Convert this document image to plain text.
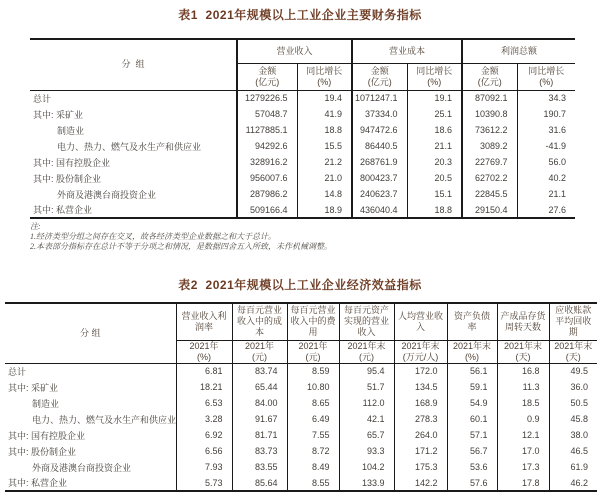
表1  2021年规模以上工业企业主要财务指标
分  组	营业收入		营业成本		利润总额	

金额
(亿元)

同比增长
(%)

金额
(亿元)

同比增长
(%)

金额
(亿元)

同比增长
(%)

总计	1279226.5	19.4	1071247.1	19.1	87092.1	34.3
其中: 采矿业	57048.7	41.9	37334.0	25.1	10390.8	190.7
制造业	1127885.1	18.8	947472.6	18.6	73612.2	31.6
电力、热力、燃气及水生产和供应业	94292.6	15.5	86440.5	21.1	3089.2	-41.9
其中: 国有控股企业	328916.2	21.2	268761.9	20.3	22769.7	56.0
其中: 股份制企业	956007.6	21.0	800423.7	20.5	62702.2	40.2
外商及港澳台商投资企业	287986.2	14.8	240623.7	15.1	22845.5	21.1
其中: 私营企业	509166.4	18.9	436040.4	18.8	29150.4	27.6
注:
1.经济类型分组之间存在交叉，故各经济类型企业数据之和大于总计。
2.本表部分指标存在总计不等于分项之和情况，是数据四舍五入所致，未作机械调整。
表2  2021年规模以上工业企业经济效益指标
分 组	营业收入利润率	每百元营业收入中的成本	每百元营业收入中的费用	每百元资产实现的营业收入	人均营业收入	资产负债率	产成品存货周转天数	应收账款平均回收期

2021年
(%)

2021年
(元)

2021年
(元)

2021年末
(元)

2021年末
(万元/人)

2021年末
(%)

2021年末
(天)

2021年末
(天)

总计	6.81	83.74	8.59	95.4	172.0	56.1	16.8	49.5
其中: 采矿业	18.21	65.44	10.80	51.7	134.5	59.1	11.3	36.0
制造业	6.53	84.00	8.65	112.0	168.9	54.9	18.5	50.5
电力、热力、燃气及水生产和供应业	3.28	91.67	6.49	42.1	278.3	60.1	0.9	45.8
其中: 国有控股企业	6.92	81.71	7.55	65.7	264.0	57.1	12.1	38.0
其中: 股份制企业	6.56	83.73	8.72	93.3	171.2	56.7	17.0	46.5
外商及港澳台商投资企业	7.93	83.55	8.49	104.2	175.3	53.6	17.3	61.9
其中: 私营企业	5.73	85.64	8.55	133.9	142.2	57.6	17.8	46.2
